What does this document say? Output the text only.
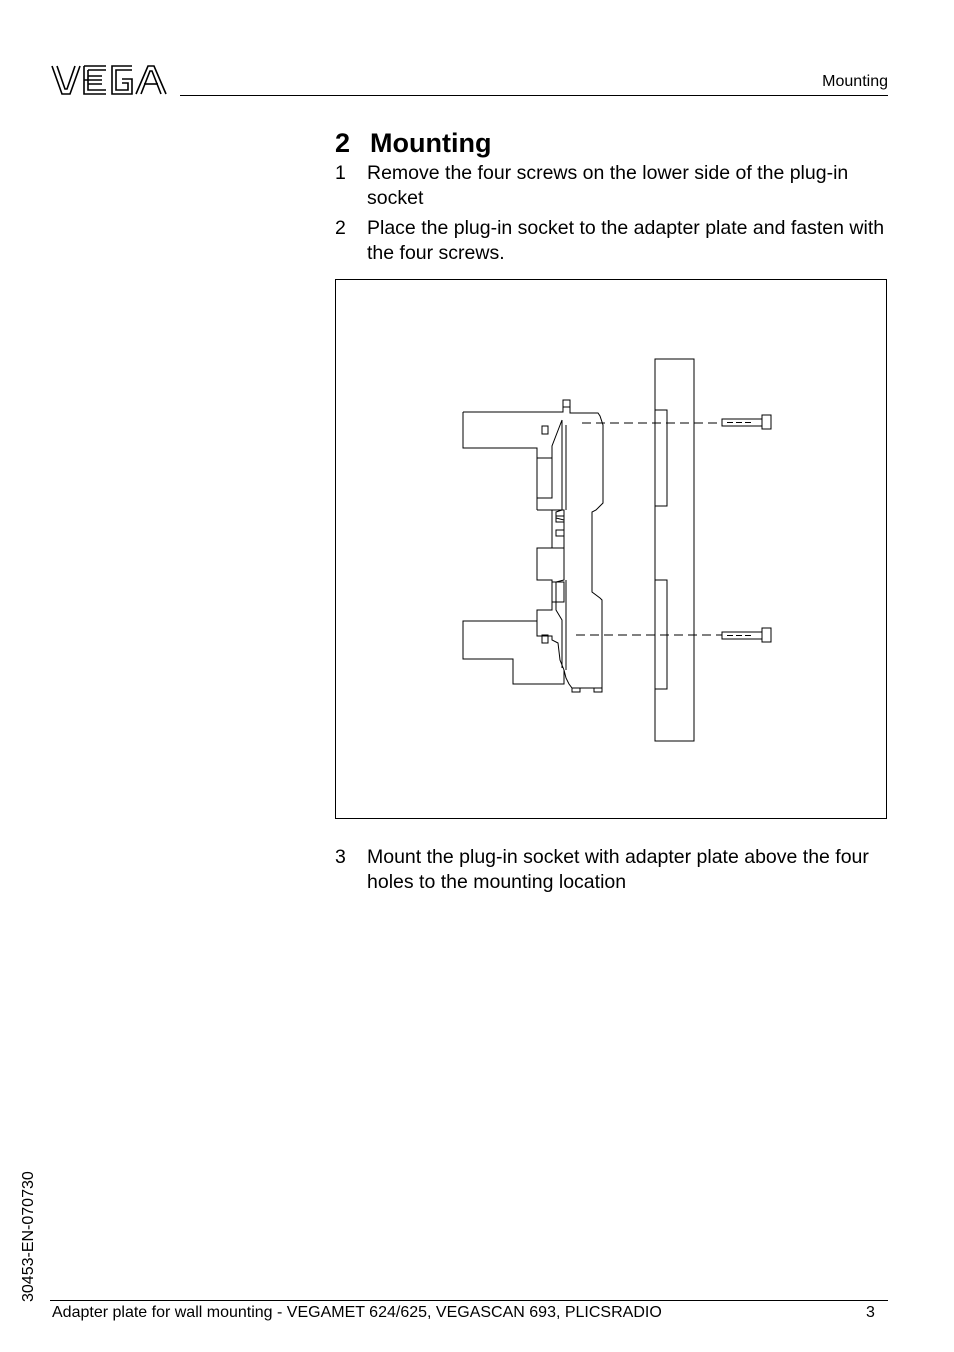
Mounting
2 Mounting
1 Remove the four screws on the lower side of the plug-in socket
2 Place the plug-in socket to the adapter plate and fasten with the four screws.
3 Mount the plug-in socket with adapter plate above the four holes to the mounting location
30453-EN-070730
Adapter plate for wall mounting - VEGAMET 624/625, VEGASCAN 693, PLICSRADIO	3
